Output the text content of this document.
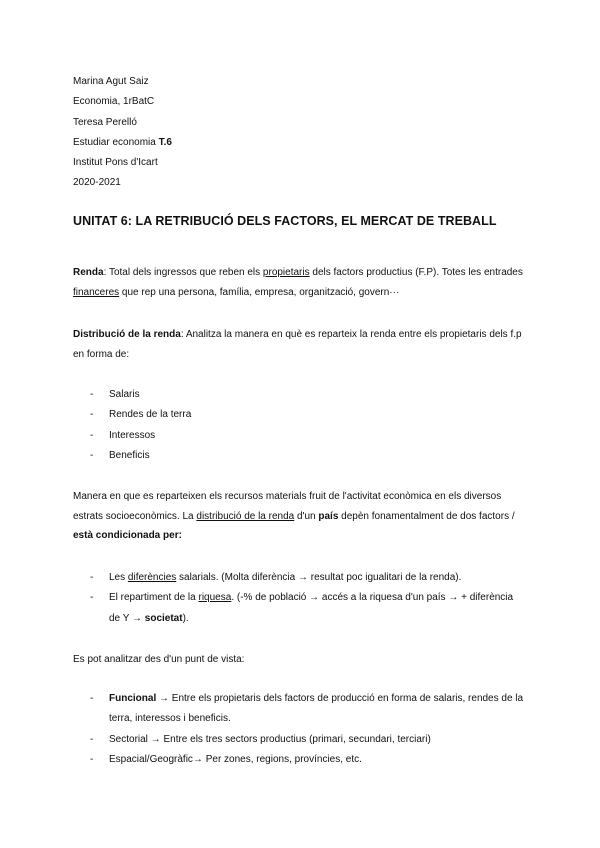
Marina Agut Saiz
Economia, 1rBatC
Teresa Perelló
Estudiar economia T.6
Institut Pons d'Icart
2020-2021
UNITAT 6: LA RETRIBUCIÓ DELS FACTORS, EL MERCAT DE TREBALL
Renda: Total dels ingressos que reben els propietaris dels factors productius (F.P). Totes les entrades
financeres que rep una persona, família, empresa, organització, govern···
Distribució de la renda: Analitza la manera en què es reparteix la renda entre els propietaris dels f.p
en forma de:
- Salaris
- Rendes de la terra
- Interessos
- Beneficis
Manera en que es reparteixen els recursos materials fruit de l'activitat econòmica en els diversos
estrats socioeconòmics. La distribució de la renda d'un país depèn fonamentalment de dos factors /
està condicionada per:
- Les diferències salarials. (Molta diferència → resultat poc igualitari de la renda).
- El repartiment de la riquesa. (-% de població → accés a la riquesa d'un país → + diferència
de Y → societat).
Es pot analitzar des d'un punt de vista:
- Funcional → Entre els propietaris dels factors de producció en forma de salaris, rendes de la
terra, interessos i beneficis.
- Sectorial → Entre els tres sectors productius (primari, secundari, terciari)
- Espacial/Geogràfic→ Per zones, regions, províncies, etc.
